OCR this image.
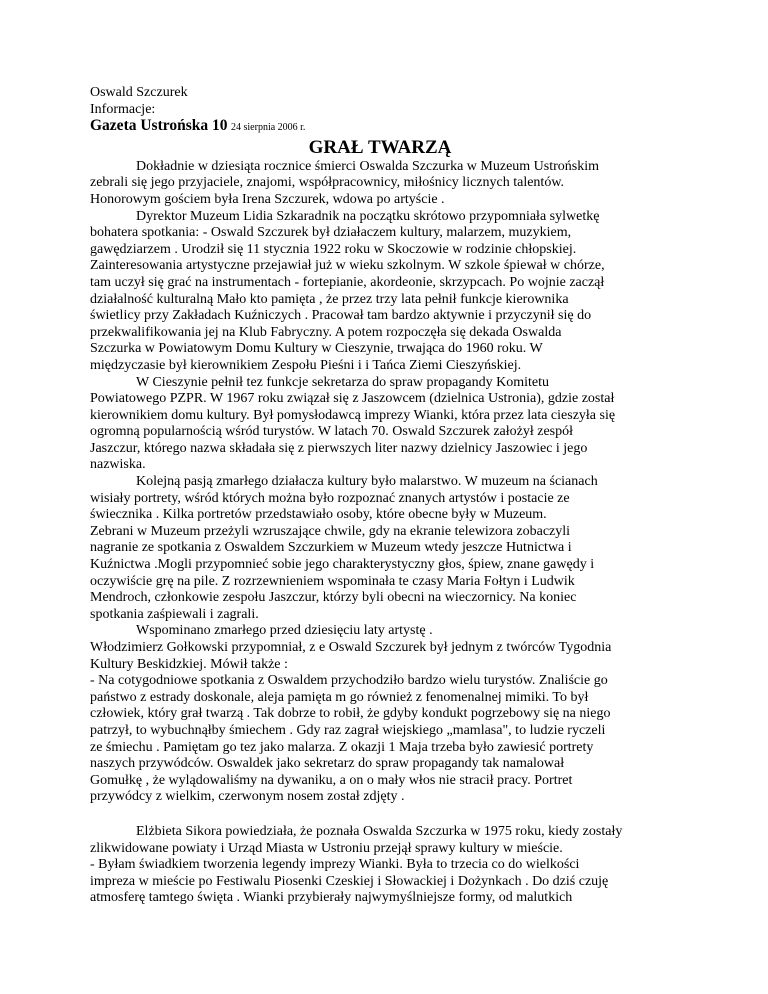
Oswald Szczurek
Informacje:
Gazeta Ustrońska 10 24 sierpnia 2006 r.
GRAŁ TWARZĄ

Dokładnie w dziesiąta rocznice śmierci Oswalda Szczurka w Muzeum Ustrońskim
zebrali się jego przyjaciele, znajomi, współpracownicy, miłośnicy licznych talentów.
Honorowym gościem była Irena Szczurek, wdowa po artyście .

Dyrektor Muzeum Lidia Szkaradnik na początku skrótowo przypomniała sylwetkę
bohatera spotkania: - Oswald Szczurek był działaczem kultury, malarzem, muzykiem,
gawędziarzem . Urodził się 11 stycznia 1922 roku w Skoczowie w rodzinie chłopskiej.
Zainteresowania artystyczne przejawiał już w wieku szkolnym. W szkole śpiewał w chórze,
tam uczył się grać na instrumentach - fortepianie, akordeonie, skrzypcach. Po wojnie zaczął
działalność kulturalną Mało kto pamięta , że przez trzy lata pełnił funkcje kierownika
świetlicy przy Zakładach Kuźniczych . Pracował tam bardzo aktywnie i przyczynił się do
przekwalifikowania jej na Klub Fabryczny. A potem rozpoczęła się dekada Oswalda
Szczurka w Powiatowym Domu Kultury w Cieszynie, trwająca do 1960 roku. W
międzyczasie był kierownikiem Zespołu Pieśni i i Tańca Ziemi Cieszyńskiej.

W Cieszynie pełnił tez funkcje sekretarza do spraw propagandy Komitetu
Powiatowego PZPR. W 1967 roku związał się z Jaszowcem (dzielnica Ustronia), gdzie został
kierownikiem domu kultury. Był pomysłodawcą imprezy Wianki, która przez lata cieszyła się
ogromną popularnością wśród turystów. W latach 70. Oswald Szczurek założył zespół
Jaszczur, którego nazwa składała się z pierwszych liter nazwy dzielnicy Jaszowiec i jego
nazwiska.

Kolejną pasją zmarłego działacza kultury było malarstwo. W muzeum na ścianach
wisiały portrety, wśród których można było rozpoznać znanych artystów i postacie ze
świecznika . Kilka portretów przedstawiało osoby, które obecne były w Muzeum.

Zebrani w Muzeum przeżyli wzruszające chwile, gdy na ekranie telewizora zobaczyli
nagranie ze spotkania z Oswaldem Szczurkiem w Muzeum wtedy jeszcze Hutnictwa i
Kuźnictwa .Mogli przypomnieć sobie jego charakterystyczny głos, śpiew, znane gawędy i
oczywiście grę na pile. Z rozrzewnieniem wspominała te czasy Maria Fołtyn i Ludwik
Mendroch, członkowie zespołu Jaszczur, którzy byli obecni na wieczornicy. Na koniec
spotkania zaśpiewali i zagrali.

Wspominano zmarłego przed dziesięciu laty artystę .

Włodzimierz Gołkowski przypomniał, z e Oswald Szczurek był jednym z twórców Tygodnia
Kultury Beskidzkiej. Mówił także :
- Na cotygodniowe spotkania z Oswaldem przychodziło bardzo wielu turystów. Znaliście go
państwo z estrady doskonale, aleja pamięta m go również z fenomenalnej mimiki. To był
człowiek, który grał twarzą . Tak dobrze to robił, że gdyby kondukt pogrzebowy się na niego
patrzył, to wybuchnąłby śmiechem . Gdy raz zagrał wiejskiego „mamlasa", to ludzie ryczeli
ze śmiechu . Pamiętam go tez jako malarza. Z okazji 1 Maja trzeba było zawiesić portrety
naszych przywódców. Oswaldek jako sekretarz do spraw propagandy tak namalował
Gomułkę , że wylądowaliśmy na dywaniku, a on o mały włos nie stracił pracy. Portret
przywódcy z wielkim, czerwonym nosem został zdjęty .

Elżbieta Sikora powiedziała, że poznała Oswalda Szczurka w 1975 roku, kiedy zostały
zlikwidowane powiaty i Urząd Miasta w Ustroniu przejął sprawy kultury w mieście.
- Byłam świadkiem tworzenia legendy imprezy Wianki. Była to trzecia co do wielkości
impreza w mieście po Festiwalu Piosenki Czeskiej i Słowackiej i Dożynkach . Do dziś czuję
atmosferę tamtego święta . Wianki przybierały najwymyślniejsze formy, od malutkich
